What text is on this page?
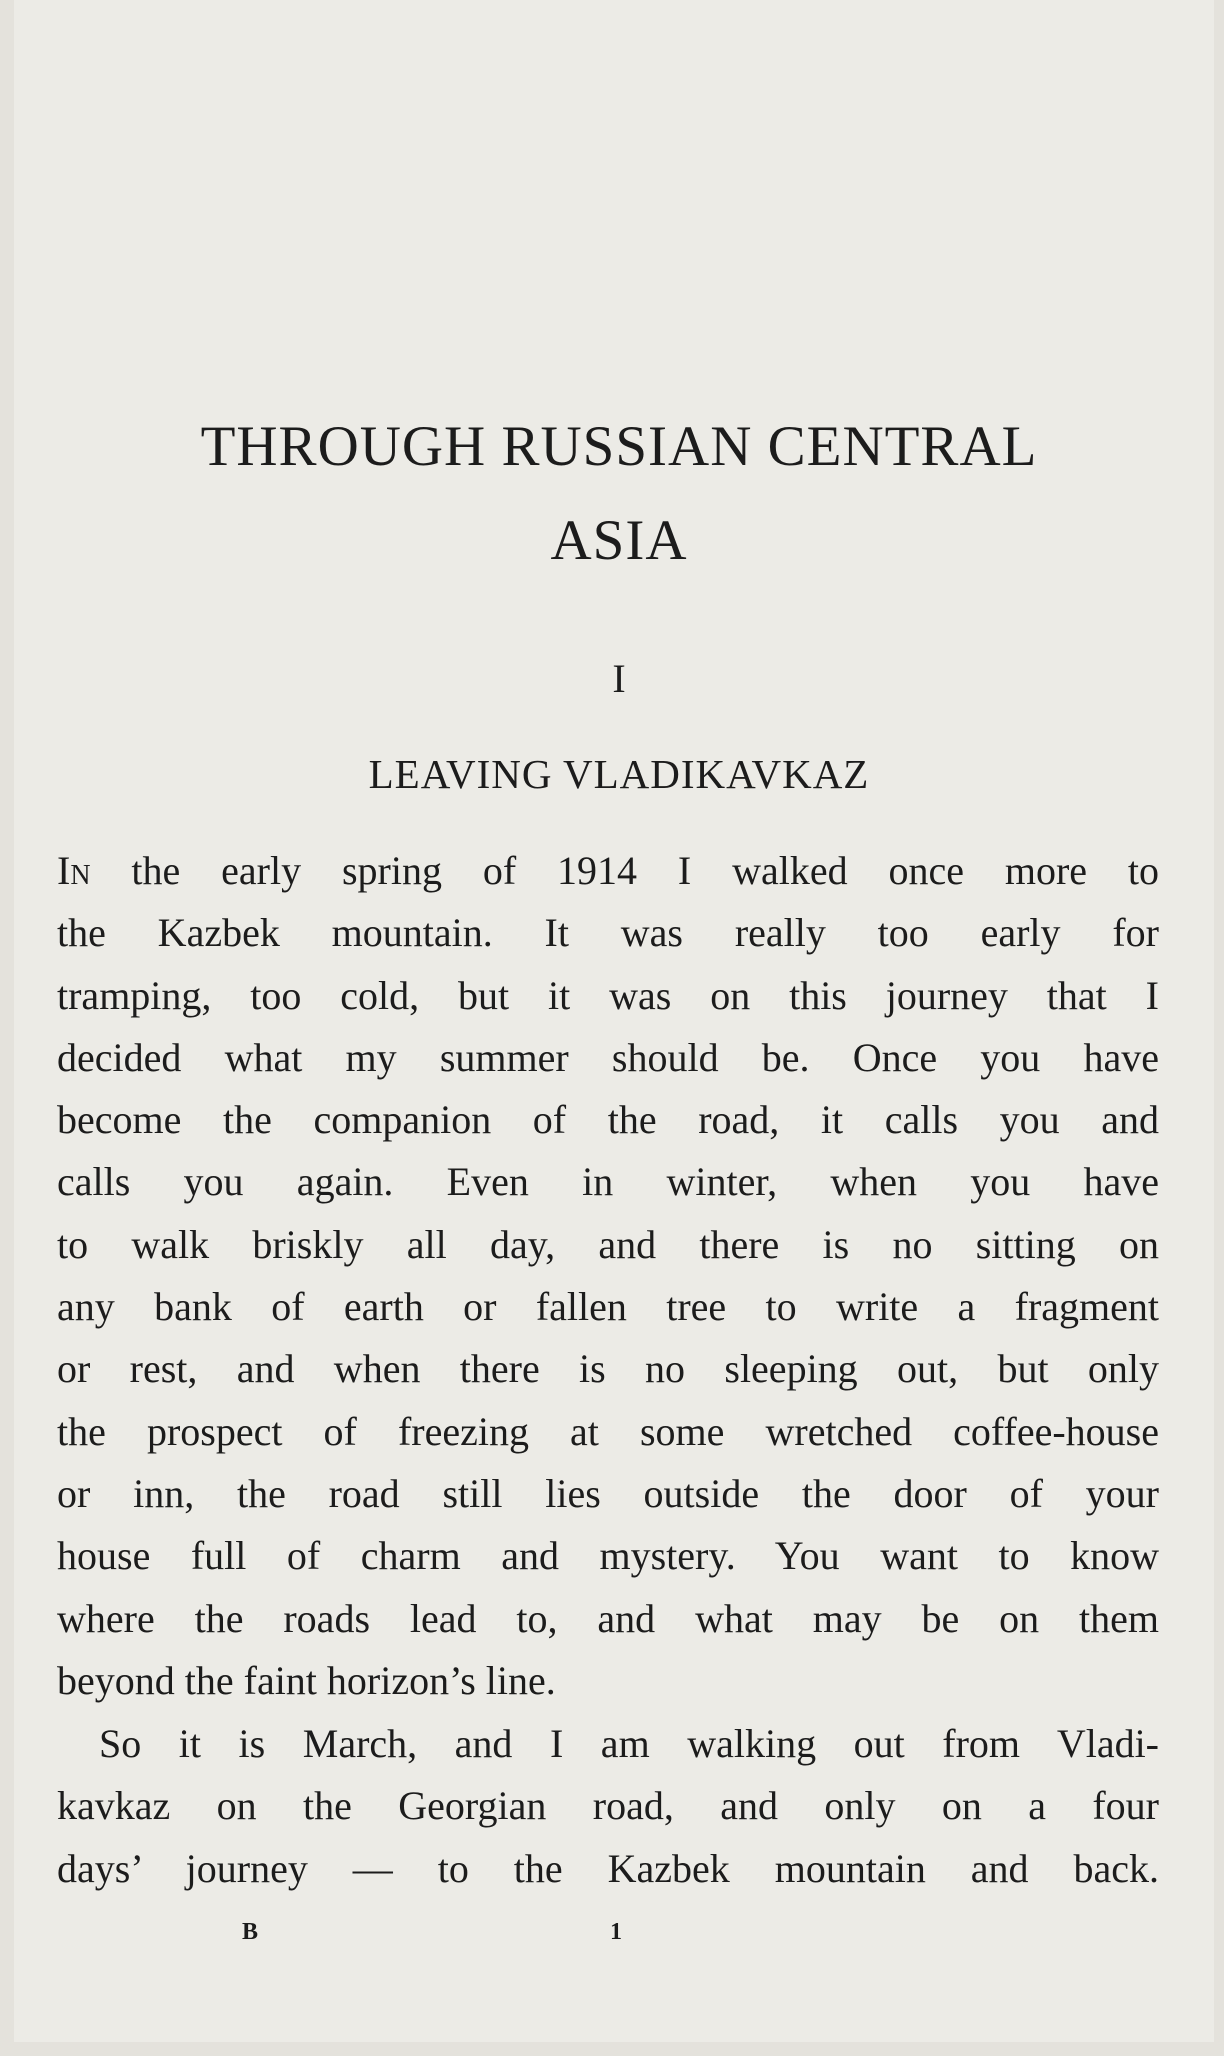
THROUGH RUSSIAN CENTRAL
ASIA
I
LEAVING VLADIKAVKAZ
In the early spring of 1914 I walked once more to
the Kazbek mountain. It was really too early for
tramping, too cold, but it was on this journey that I
decided what my summer should be. Once you have
become the companion of the road, it calls you and
calls you again. Even in winter, when you have
to walk briskly all day, and there is no sitting on
any bank of earth or fallen tree to write a fragment
or rest, and when there is no sleeping out, but only
the prospect of freezing at some wretched coffee-house
or inn, the road still lies outside the door of your
house full of charm and mystery. You want to know
where the roads lead to, and what may be on them
beyond the faint horizon’s line.
So it is March, and I am walking out from Vladi-
kavkaz on the Georgian road, and only on a four
days’ journey — to the Kazbek mountain and back.
B	1
